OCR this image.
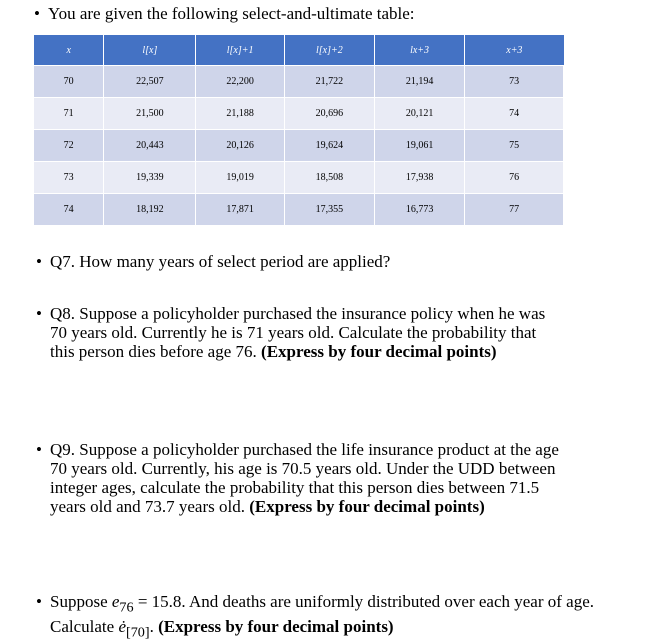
• You are given the following select-and-ultimate table:
x	l[x]	l[x]+1	l[x]+2	lx+3	x+3
70	22,507	22,200	21,722	21,194	73
71	21,500	21,188	20,696	20,121	74
72	20,443	20,126	19,624	19,061	75
73	19,339	19,019	18,508	17,938	76
74	18,192	17,871	17,355	16,773	77
• Q7. How many years of select period are applied?
• Q8. Suppose a policyholder purchased the insurance policy when he was 70 years old. Currently he is 71 years old. Calculate the probability that this person dies before age 76. (Express by four decimal points)
• Q9. Suppose a policyholder purchased the life insurance product at the age 70 years old. Currently, his age is 70.5 years old. Under the UDD between integer ages, calculate the probability that this person dies between 71.5 years old and 73.7 years old. (Express by four decimal points)
• Suppose $e_{76} = 15.8$. And deaths are uniformly distributed over each year of age. Calculate $ė_{[70]}$. (Express by four decimal points)
